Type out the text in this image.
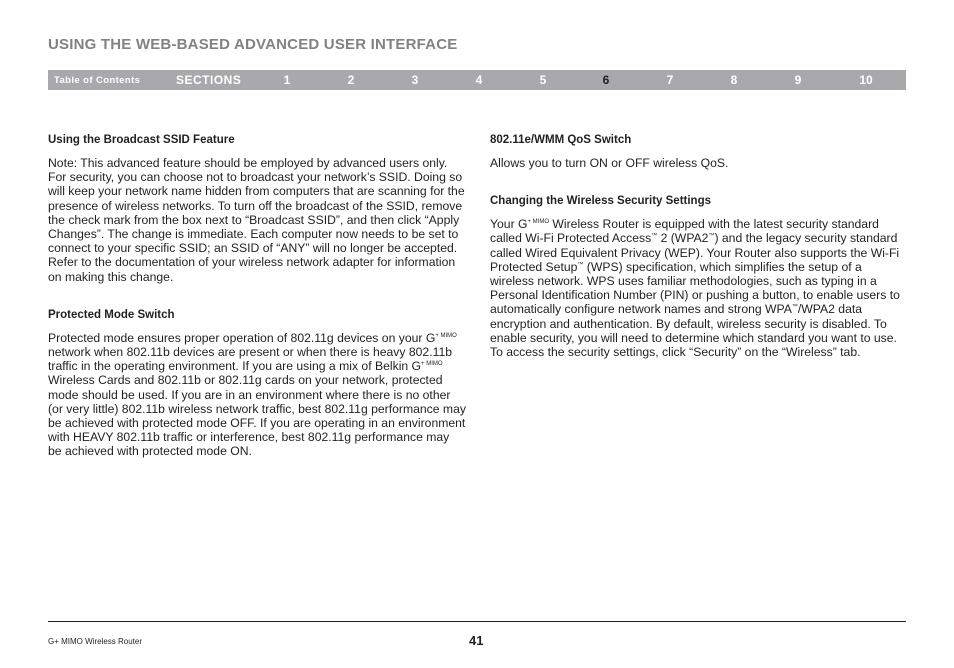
USING THE WEB-BASED ADVANCED USER INTERFACE
Table of Contents	SECTIONS	1	2	3	4	5	6	7	8	9	10
Using the Broadcast SSID Feature

Note: This advanced feature should be employed by advanced users only. For security, you can choose not to broadcast your network’s SSID. Doing so will keep your network name hidden from computers that are scanning for the presence of wireless networks. To turn off the broadcast of the SSID, remove the check mark from the box next to “Broadcast SSID”, and then click “Apply Changes”. The change is immediate. Each computer now needs to be set to connect to your specific SSID; an SSID of “ANY” will no longer be accepted. Refer to the documentation of your wireless network adapter for information on making this change.

Protected Mode Switch

Protected mode ensures proper operation of 802.11g devices on your $G^{+ MIMO}$ network when 802.11b devices are present or when there is heavy 802.11b traffic in the operating environment. If you are using a mix of Belkin $G^{+ MIMO}$ Wireless Cards and 802.11b or 802.11g cards on your network, protected mode should be used. If you are in an environment where there is no other (or very little) 802.11b wireless network traffic, best 802.11g performance may be achieved with protected mode OFF. If you are operating in an environment with HEAVY 802.11b traffic or interference, best 802.11g performance may be achieved with protected mode ON.

802.11e/WMM QoS Switch

Allows you to turn ON or OFF wireless QoS.

Changing the Wireless Security Settings

Your $G^{+ MIMO}$ Wireless Router is equipped with the latest security standard called Wi-Fi Protected Access™ 2 (WPA2™) and the legacy security standard called Wired Equivalent Privacy (WEP). Your Router also supports the Wi-Fi Protected Setup™ (WPS) specification, which simplifies the setup of a wireless network. WPS uses familiar methodologies, such as typing in a Personal Identification Number (PIN) or pushing a button, to enable users to automatically configure network names and strong WPA™/WPA2 data encryption and authentication. By default, wireless security is disabled. To enable security, you will need to determine which standard you want to use. To access the security settings, click “Security” on the “Wireless” tab.

G+ MIMO Wireless Router	41
